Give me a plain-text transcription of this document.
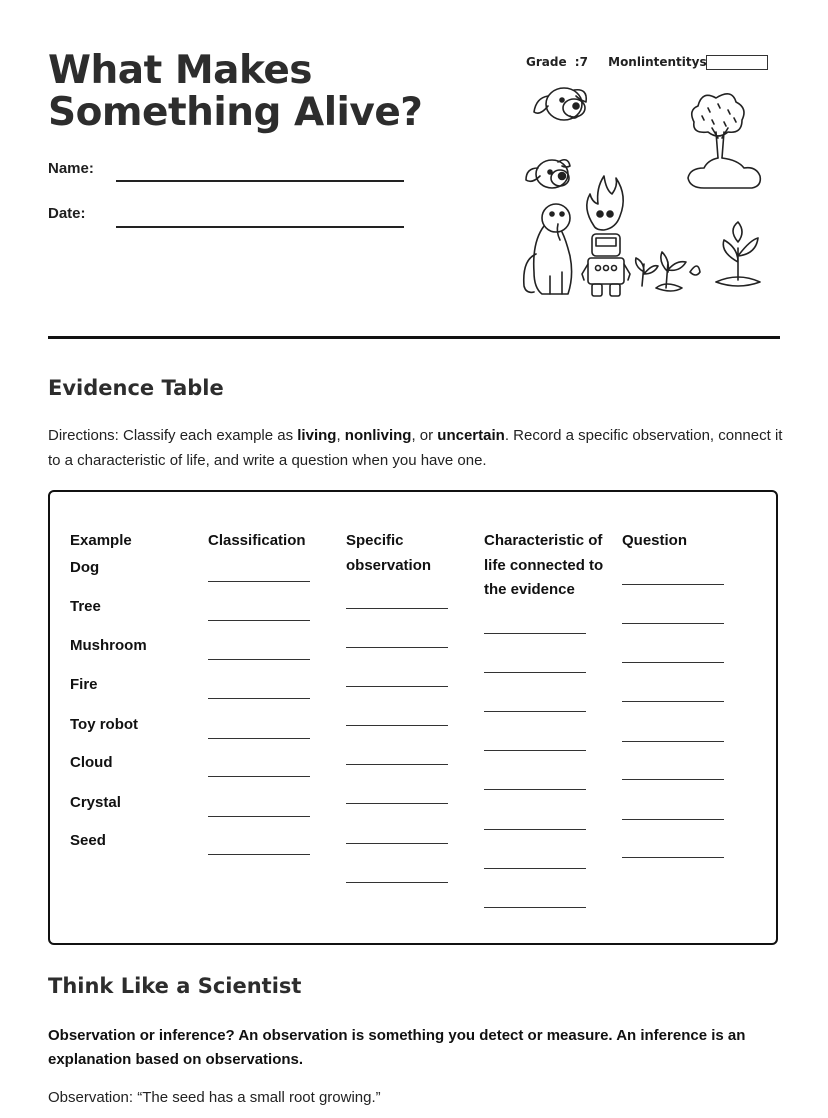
What Makes Something Alive?
Name:
Date:
Grade :7 Monlintentitys
Evidence Table

Directions: Classify each example as living, nonliving, or uncertain. Record a specific observation, connect it to a characteristic of life, and write a question when you have one.

Example
Dog
Tree
Mushroom
Fire
Toy robot
Cloud
Crystal
Seed
Classification	Specific observation
Characteristic of life connected to the evidence
Question
Think Like a Scientist

Observation or inference? An observation is something you detect or measure. An inference is an explanation based on observations.

Observation: “The seed has a small root growing.”
